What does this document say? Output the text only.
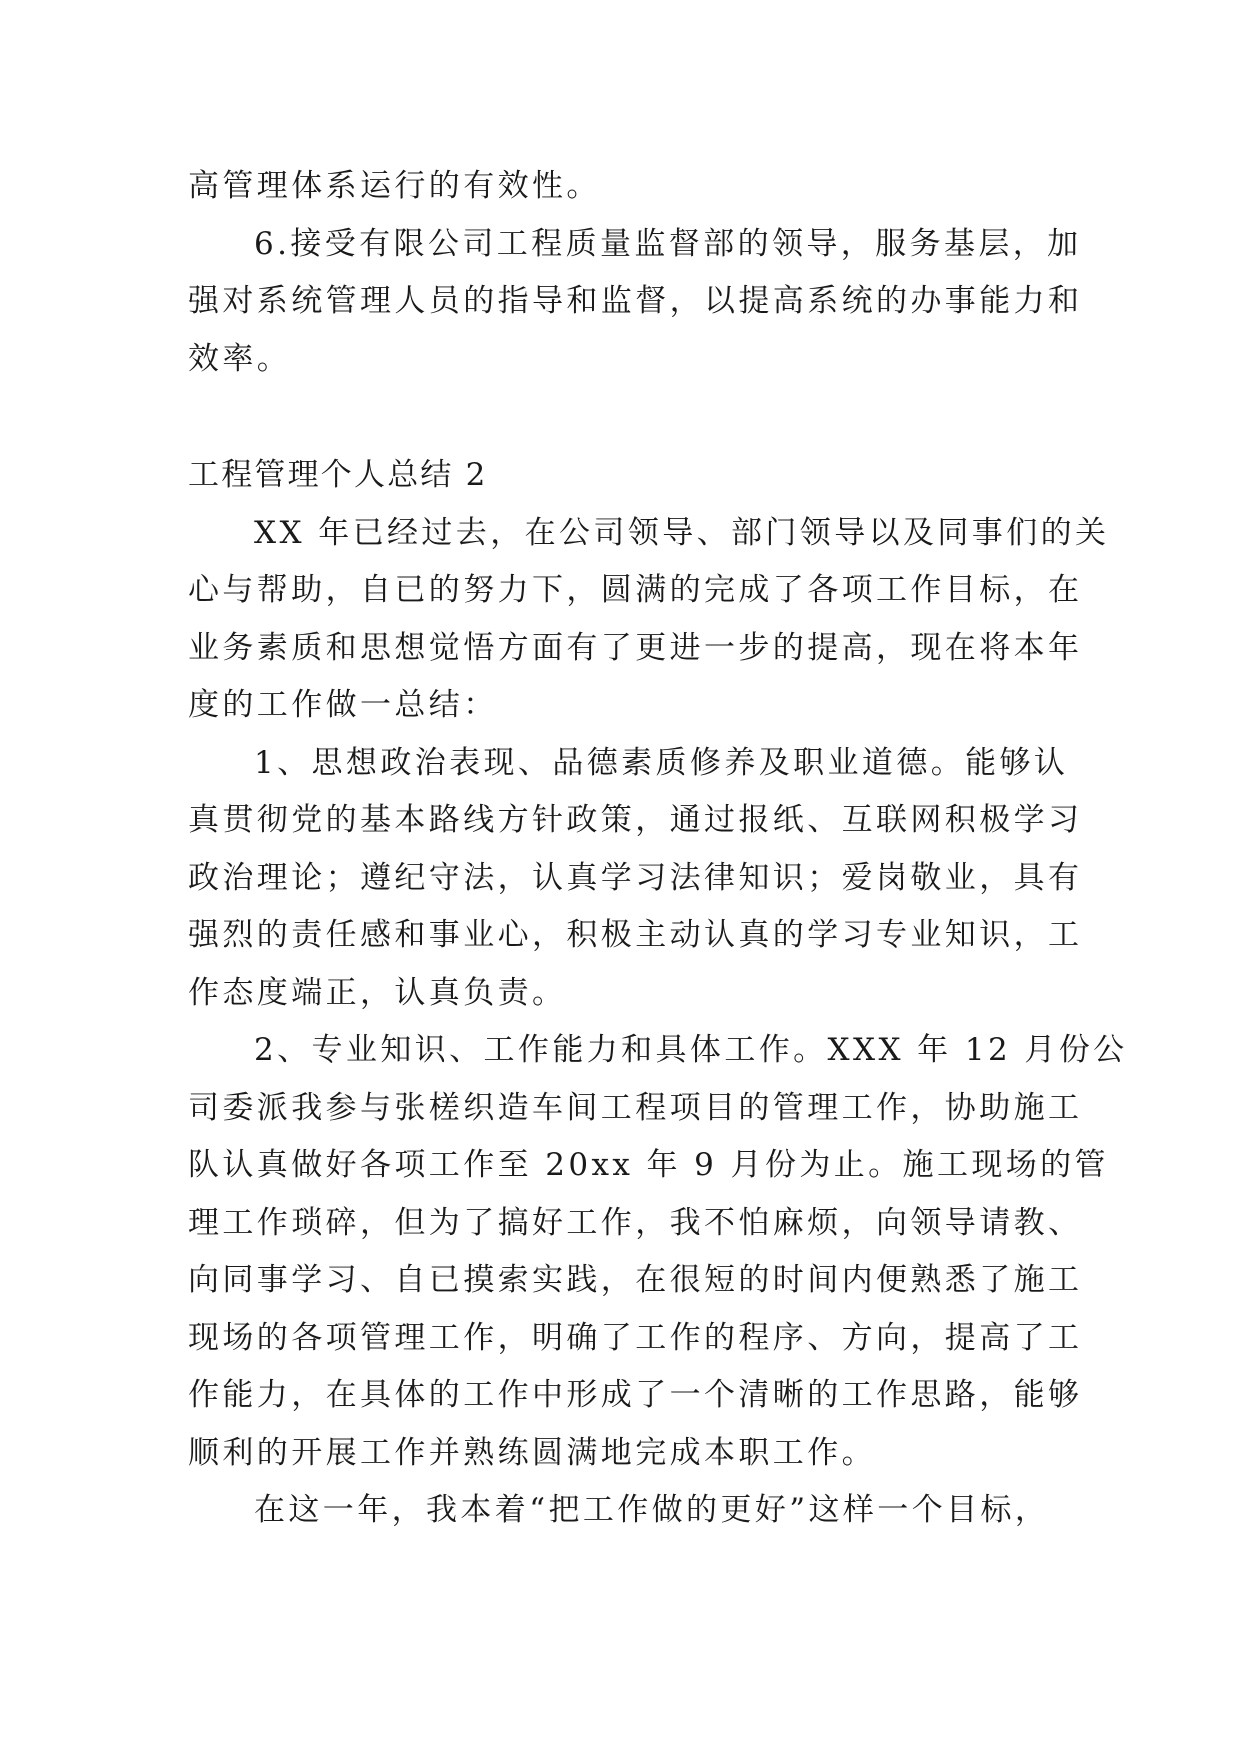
高管理体系运行的有效性。
6.接受有限公司工程质量监督部的领导，服务基层，加
强对系统管理人员的指导和监督，以提高系统的办事能力和
效率。
工程管理个人总结 2
XX 年已经过去，在公司领导、部门领导以及同事们的关
心与帮助，自已的努力下，圆满的完成了各项工作目标，在
业务素质和思想觉悟方面有了更进一步的提高，现在将本年
度的工作做一总结：
1、思想政治表现、品德素质修养及职业道德。能够认
真贯彻党的基本路线方针政策，通过报纸、互联网积极学习
政治理论；遵纪守法，认真学习法律知识；爱岗敬业，具有
强烈的责任感和事业心，积极主动认真的学习专业知识，工
作态度端正，认真负责。
2、专业知识、工作能力和具体工作。XXX 年 12 月份公
司委派我参与张槎织造车间工程项目的管理工作，协助施工
队认真做好各项工作至 20xx 年 9 月份为止。施工现场的管
理工作琐碎，但为了搞好工作，我不怕麻烦，向领导请教、
向同事学习、自已摸索实践，在很短的时间内便熟悉了施工
现场的各项管理工作，明确了工作的程序、方向，提高了工
作能力，在具体的工作中形成了一个清晰的工作思路，能够
顺利的开展工作并熟练圆满地完成本职工作。
在这一年，我本着“把工作做的更好”这样一个目标，
